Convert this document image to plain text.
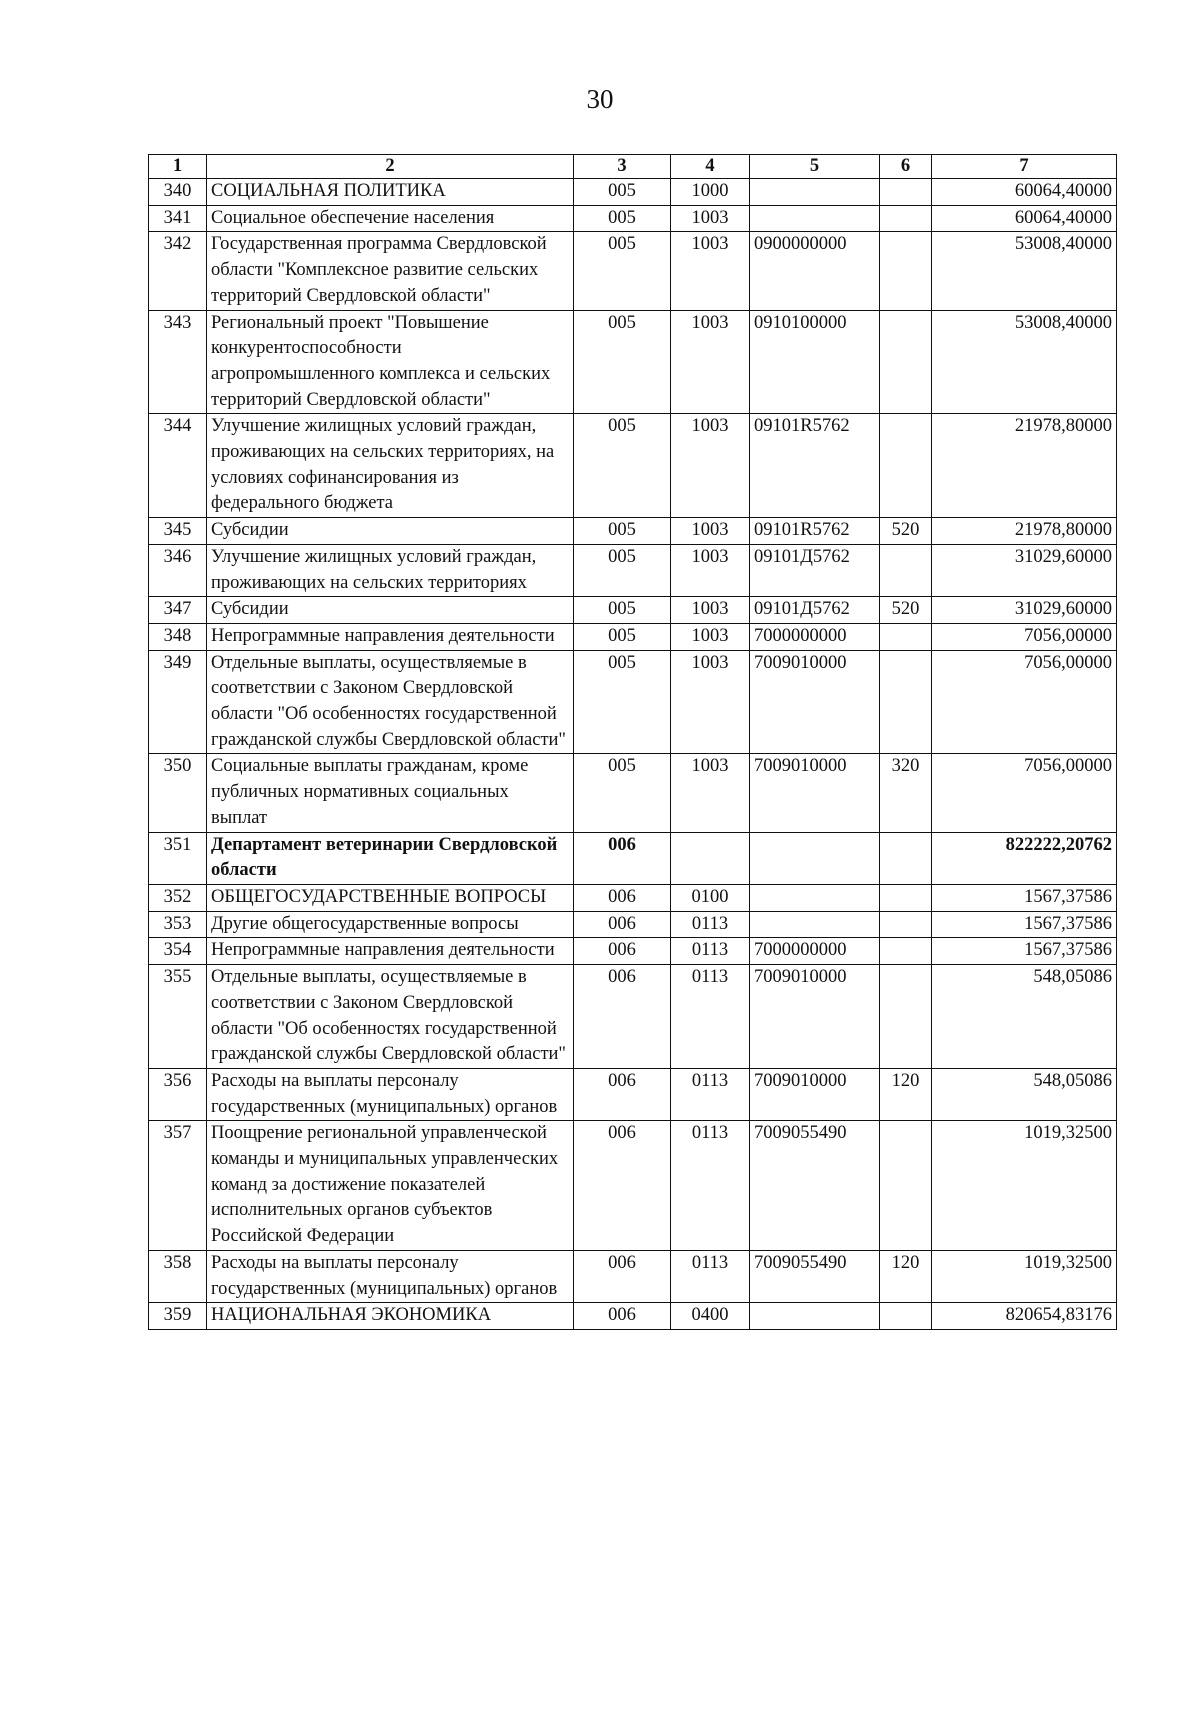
30
1	2	3	4	5	6	7
340	СОЦИАЛЬНАЯ ПОЛИТИКА	005	1000			60064,40000
341	Социальное обеспечение населения	005	1003			60064,40000
342	Государственная программа Свердловской области "Комплексное развитие сельских территорий Свердловской области"	005	1003	0900000000		53008,40000
343	Региональный проект "Повышение конкурентоспособности агропромышленного комплекса и сельских территорий Свердловской области"	005	1003	0910100000		53008,40000
344	Улучшение жилищных условий граждан, проживающих на сельских территориях, на условиях софинансирования из федерального бюджета	005	1003	09101R5762		21978,80000
345	Субсидии	005	1003	09101R5762	520	21978,80000
346	Улучшение жилищных условий граждан, проживающих на сельских территориях	005	1003	09101Д5762		31029,60000
347	Субсидии	005	1003	09101Д5762	520	31029,60000
348	Непрограммные направления деятельности	005	1003	7000000000		7056,00000
349	Отдельные выплаты, осуществляемые в соответствии с Законом Свердловской области "Об особенностях государственной гражданской службы Свердловской области"	005	1003	7009010000		7056,00000
350	Социальные выплаты гражданам, кроме публичных нормативных социальных выплат	005	1003	7009010000	320	7056,00000
351	Департамент ветеринарии Свердловской области	006				822222,20762
352	ОБЩЕГОСУДАРСТВЕННЫЕ ВОПРОСЫ	006	0100			1567,37586
353	Другие общегосударственные вопросы	006	0113			1567,37586
354	Непрограммные направления деятельности	006	0113	7000000000		1567,37586
355	Отдельные выплаты, осуществляемые в соответствии с Законом Свердловской области "Об особенностях государственной гражданской службы Свердловской области"	006	0113	7009010000		548,05086
356	Расходы на выплаты персоналу государственных (муниципальных) органов	006	0113	7009010000	120	548,05086
357	Поощрение региональной управленческой команды и муниципальных управленческих команд за достижение показателей исполнительных органов субъектов Российской Федерации	006	0113	7009055490		1019,32500
358	Расходы на выплаты персоналу государственных (муниципальных) органов	006	0113	7009055490	120	1019,32500
359	НАЦИОНАЛЬНАЯ ЭКОНОМИКА	006	0400			820654,83176
